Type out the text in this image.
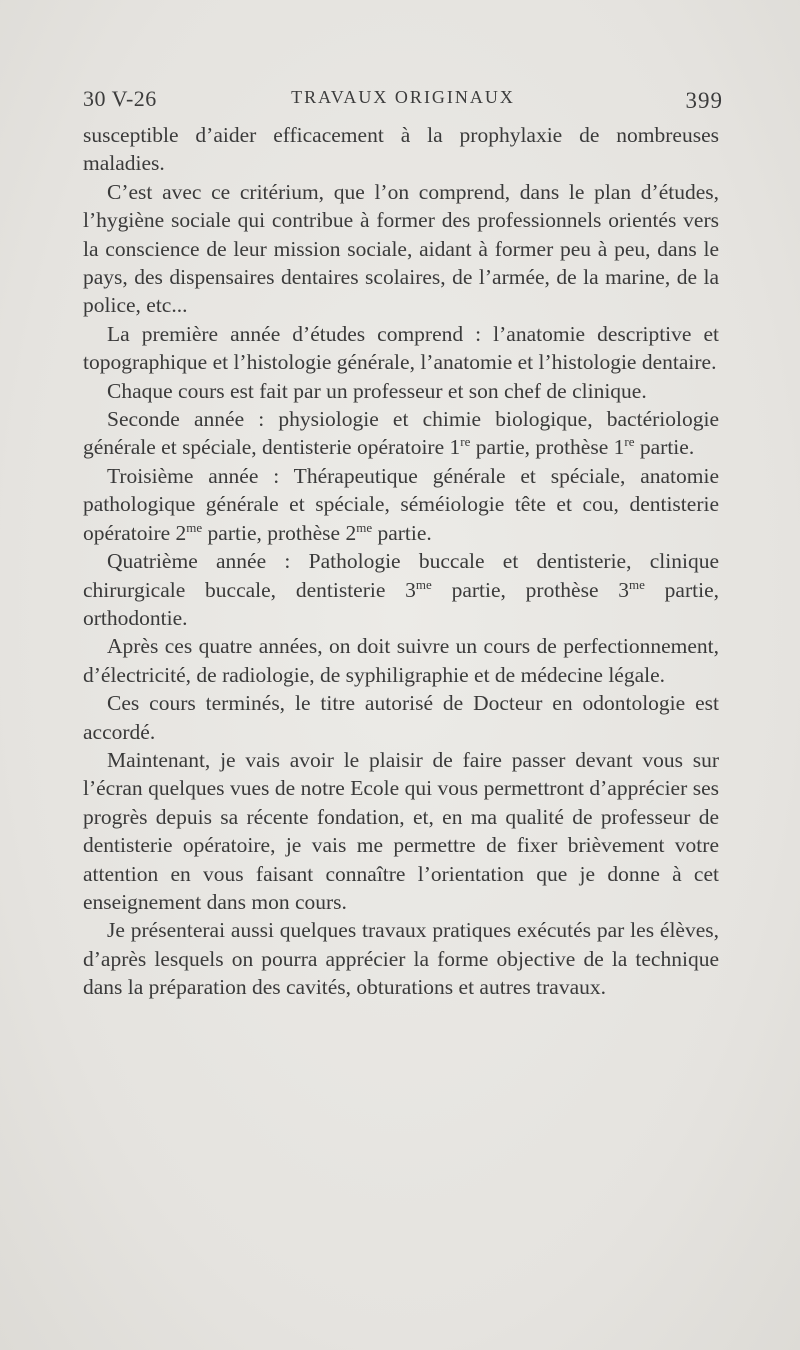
30 V-26	TRAVAUX ORIGINAUX	399

susceptible d’aider efficacement à la prophylaxie de nombreuses maladies.

C’est avec ce critérium, que l’on comprend, dans le plan d’études, l’hygiène sociale qui contribue à former des professionnels orientés vers la conscience de leur mission sociale, aidant à former peu à peu, dans le pays, des dispensaires dentaires scolaires, de l’armée, de la marine, de la police, etc...

La première année d’études comprend : l’anatomie descriptive et topographique et l’histologie générale, l’anatomie et l’histologie dentaire.

Chaque cours est fait par un professeur et son chef de clinique.

Seconde année : physiologie et chimie biologique, bactériologie générale et spéciale, dentisterie opératoire 1re partie, prothèse 1re partie.

Troisième année : Thérapeutique générale et spéciale, anatomie pathologique générale et spéciale, séméiologie tête et cou, dentisterie opératoire $2^{me}$ partie, prothèse $2^{me}$ partie.

Quatrième année : Pathologie buccale et dentisterie, clinique chirurgicale buccale, dentisterie $3^{me}$ partie, prothèse $3^{me}$ partie, orthodontie.

Après ces quatre années, on doit suivre un cours de perfectionnement, d’électricité, de radiologie, de syphiligraphie et de médecine légale.

Ces cours terminés, le titre autorisé de Docteur en odontologie est accordé.

Maintenant, je vais avoir le plaisir de faire passer devant vous sur l’écran quelques vues de notre Ecole qui vous permettront d’apprécier ses progrès depuis sa récente fondation, et, en ma qualité de professeur de dentisterie opératoire, je vais me permettre de fixer brièvement votre attention en vous faisant connaître l’orientation que je donne à cet enseignement dans mon cours.

Je présenterai aussi quelques travaux pratiques exécutés par les élèves, d’après lesquels on pourra apprécier la forme objective de la technique dans la préparation des cavités, obturations et autres travaux.
